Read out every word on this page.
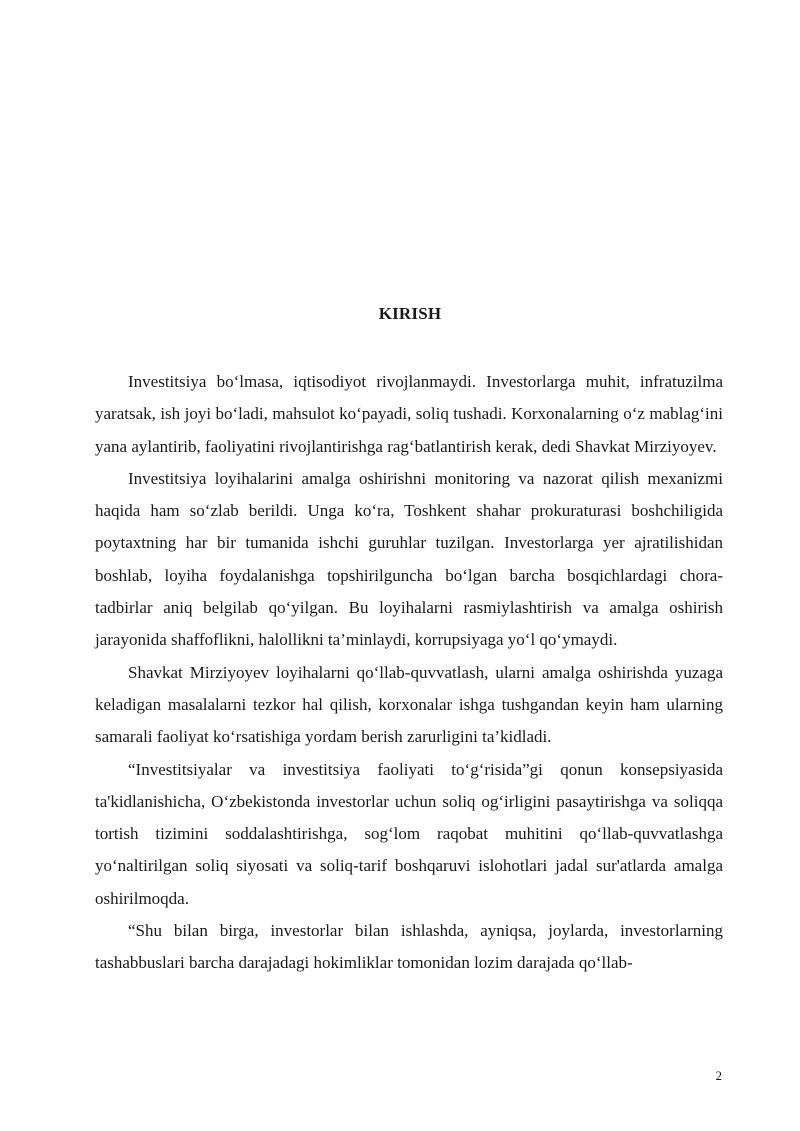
KIRISH

Investitsiya bo‘lmasa, iqtisodiyot rivojlanmaydi. Investorlarga muhit, infratuzilma yaratsak, ish joyi bo‘ladi, mahsulot ko‘payadi, soliq tushadi. Korxonalarning o‘z mablag‘ini yana aylantirib, faoliyatini rivojlantirishga rag‘batlantirish kerak, dedi Shavkat Mirziyoyev.

Investitsiya loyihalarini amalga oshirishni monitoring va nazorat qilish mexanizmi haqida ham so‘zlab berildi. Unga ko‘ra, Toshkent shahar prokuraturasi boshchiligida poytaxtning har bir tumanida ishchi guruhlar tuzilgan. Investorlarga yer ajratilishidan boshlab, loyiha foydalanishga topshirilguncha bo‘lgan barcha bosqichlardagi chora-tadbirlar aniq belgilab qo‘yilgan. Bu loyihalarni rasmiylashtirish va amalga oshirish jarayonida shaffoflikni, halollikni ta’minlaydi, korrupsiyaga yo‘l qo‘ymaydi.

Shavkat Mirziyoyev loyihalarni qo‘llab-quvvatlash, ularni amalga oshirishda yuzaga keladigan masalalarni tezkor hal qilish, korxonalar ishga tushgandan keyin ham ularning samarali faoliyat ko‘rsatishiga yordam berish zarurligini ta’kidladi.

“Investitsiyalar va investitsiya faoliyati to‘g‘risida”gi qonun konsepsiyasida ta'kidlanishicha, O‘zbekistonda investorlar uchun soliq og‘irligini pasaytirishga va soliqqa tortish tizimini soddalashtirishga, sog‘lom raqobat muhitini qo‘llab-quvvatlashga yo‘naltirilgan soliq siyosati va soliq-tarif boshqaruvi islohotlari jadal sur'atlarda amalga oshirilmoqda.

“Shu bilan birga, investorlar bilan ishlashda, ayniqsa, joylarda, investorlarning tashabbuslari barcha darajadagi hokimliklar tomonidan lozim darajada qo‘llab-

2
